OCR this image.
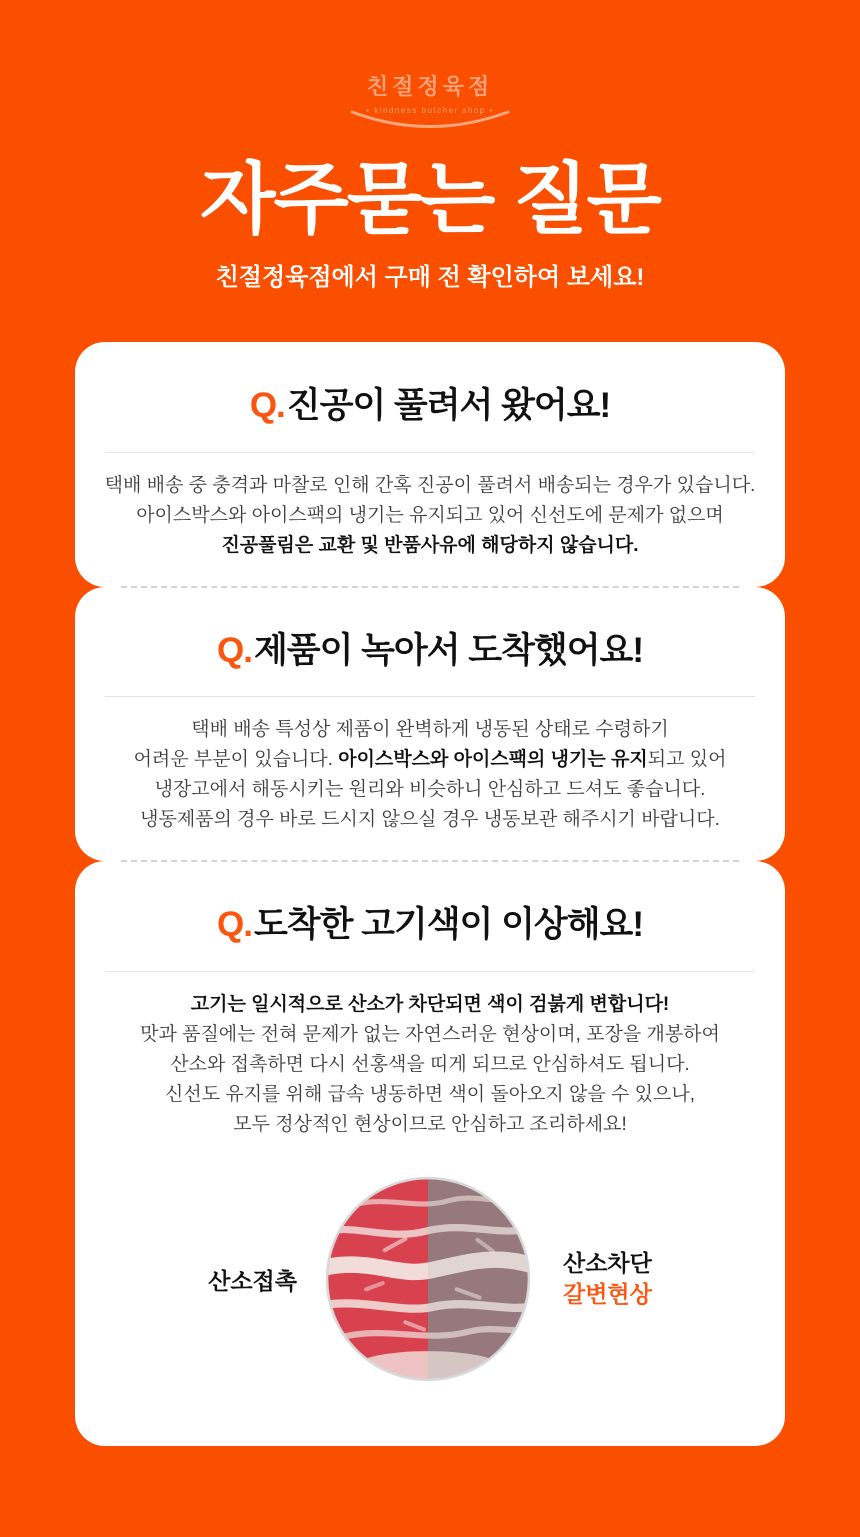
친절정육점
• kindness butcher shop •
자주묻는 질문

친절정육점에서 구매 전 확인하여 보세요!

Q.진공이 풀려서 왔어요!

택배 배송 중 충격과 마찰로 인해 간혹 진공이 풀려서 배송되는 경우가 있습니다.

아이스박스와 아이스팩의 냉기는 유지되고 있어 신선도에 문제가 없으며

진공풀림은 교환 및 반품사유에 해당하지 않습니다.

Q.제품이 녹아서 도착했어요!

택배 배송 특성상 제품이 완벽하게 냉동된 상태로 수령하기

어려운 부분이 있습니다. 아이스박스와 아이스팩의 냉기는 유지되고 있어

냉장고에서 해동시키는 원리와 비슷하니 안심하고 드셔도 좋습니다.

냉동제품의 경우 바로 드시지 않으실 경우 냉동보관 해주시기 바랍니다.

Q.도착한 고기색이 이상해요!

고기는 일시적으로 산소가 차단되면 색이 검붉게 변합니다!

맛과 품질에는 전혀 문제가 없는 자연스러운 현상이며, 포장을 개봉하여

산소와 접촉하면 다시 선홍색을 띠게 되므로 안심하셔도 됩니다.

신선도 유지를 위해 급속 냉동하면 색이 돌아오지 않을 수 있으나,

모두 정상적인 현상이므로 안심하고 조리하세요!

산소접촉
산소차단
갈변현상
